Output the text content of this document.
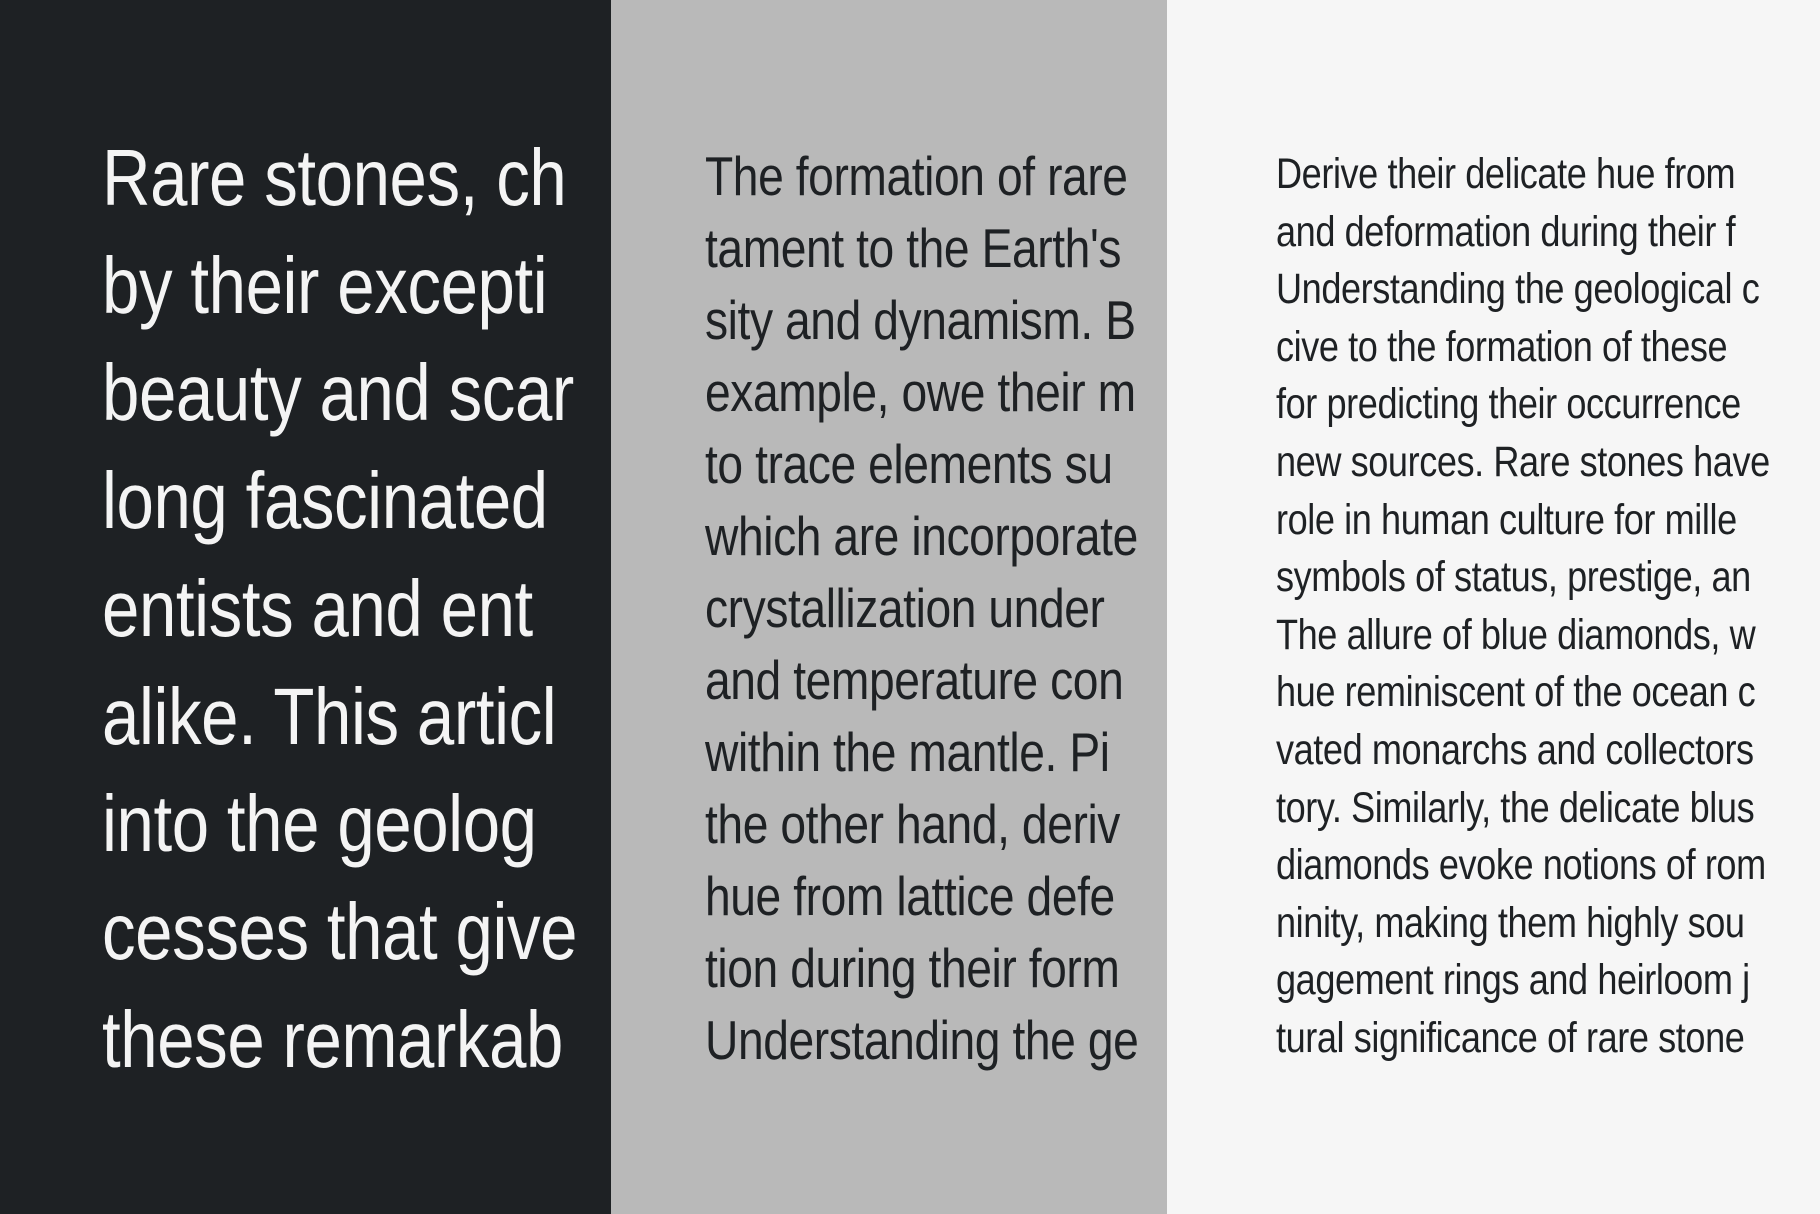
Rare stones, ch
by their excepti
beauty and scar
long fascinated
entists and ent
alike. This articl
into the geolog
cesses that give
these remarkab
The formation of rare
tament to the Earth's
sity and dynamism. B
example, owe their m
to trace elements su
which are incorporate
crystallization under
and temperature con
within the mantle. Pi
the other hand, deriv
hue from lattice defe
tion during their form
Understanding the ge
Derive their delicate hue from
and deformation during their f
Understanding the geological c
cive to the formation of these
for predicting their occurrence
new sources. Rare stones have
role in human culture for mille
symbols of status, prestige, an
The allure of blue diamonds, w
hue reminiscent of the ocean c
vated monarchs and collectors
tory. Similarly, the delicate blus
diamonds evoke notions of rom
ninity, making them highly sou
gagement rings and heirloom j
tural significance of rare stone
